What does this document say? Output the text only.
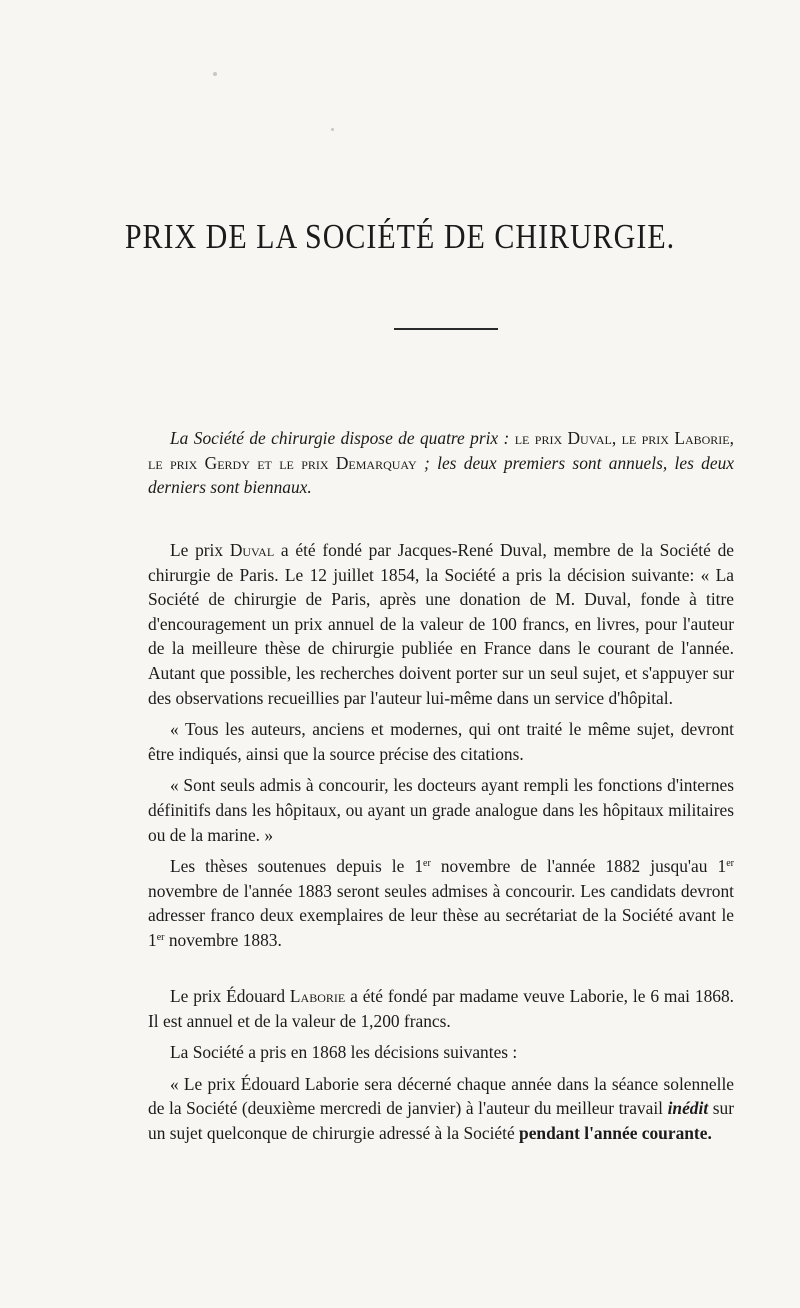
PRIX DE LA SOCIÉTÉ DE CHIRURGIE.

La Société de chirurgie dispose de quatre prix : le prix Duval, le prix Laborie, le prix Gerdy et le prix Demarquay ; les deux premiers sont annuels, les deux derniers sont biennaux.

Le prix Duval a été fondé par Jacques-René Duval, membre de la Société de chirurgie de Paris. Le 12 juillet 1854, la Société a pris la décision suivante: « La Société de chirurgie de Paris, après une donation de M. Duval, fonde à titre d'encouragement un prix annuel de la valeur de 100 francs, en livres, pour l'auteur de la meilleure thèse de chirurgie publiée en France dans le courant de l'année. Autant que possible, les recherches doivent porter sur un seul sujet, et s'appuyer sur des observations recueillies par l'auteur lui-même dans un service d'hôpital.

« Tous les auteurs, anciens et modernes, qui ont traité le même sujet, devront être indiqués, ainsi que la source précise des citations.

« Sont seuls admis à concourir, les docteurs ayant rempli les fonctions d'internes définitifs dans les hôpitaux, ou ayant un grade analogue dans les hôpitaux militaires ou de la marine. »

Les thèses soutenues depuis le 1er novembre de l'année 1882 jusqu'au 1er novembre de l'année 1883 seront seules admises à concourir. Les candidats devront adresser franco deux exemplaires de leur thèse au secrétariat de la Société avant le 1er novembre 1883.

Le prix Édouard Laborie a été fondé par madame veuve Laborie, le 6 mai 1868. Il est annuel et de la valeur de 1,200 francs.

La Société a pris en 1868 les décisions suivantes :

« Le prix Édouard Laborie sera décerné chaque année dans la séance solennelle de la Société (deuxième mercredi de janvier) à l'auteur du meilleur travail inédit sur un sujet quelconque de chirurgie adressé à la Société pendant l'année courante.
